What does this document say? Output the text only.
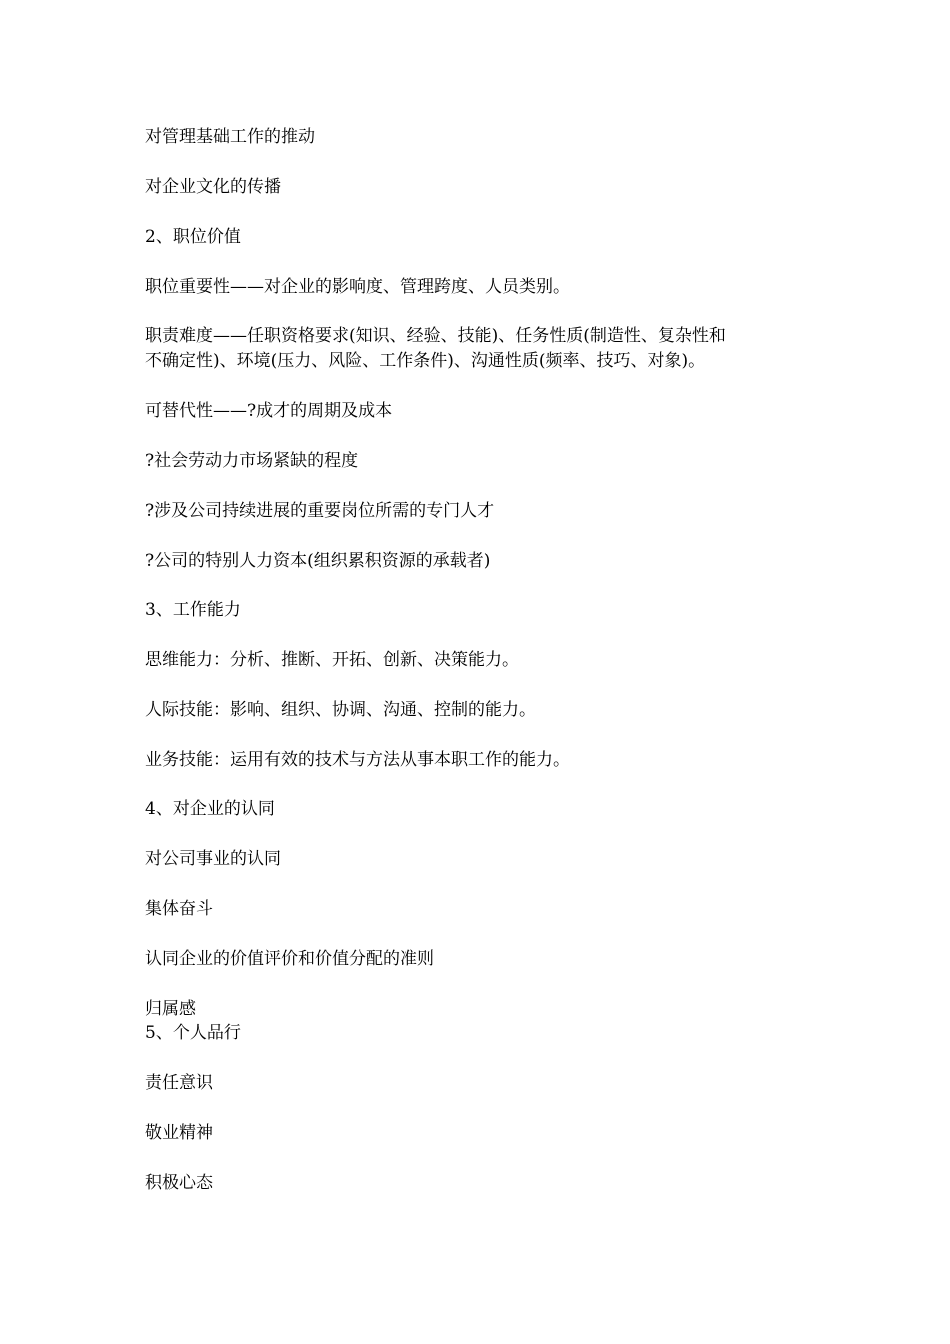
对管理基础工作的推动
对企业文化的传播
2、职位价值
职位重要性——对企业的影响度、管理跨度、人员类别。
职责难度——任职资格要求(知识、经验、技能)、任务性质(制造性、复杂性和
不确定性)、环境(压力、风险、工作条件)、沟通性质(频率、技巧、对象)。
可替代性——?成才的周期及成本
?社会劳动力市场紧缺的程度
?涉及公司持续进展的重要岗位所需的专门人才
?公司的特别人力资本(组织累积资源的承载者)
3、工作能力
思维能力：分析、推断、开拓、创新、决策能力。
人际技能：影响、组织、协调、沟通、控制的能力。
业务技能：运用有效的技术与方法从事本职工作的能力。
4、对企业的认同
对公司事业的认同
集体奋斗
认同企业的价值评价和价值分配的准则
归属感
5、个人品行
责任意识
敬业精神
积极心态
